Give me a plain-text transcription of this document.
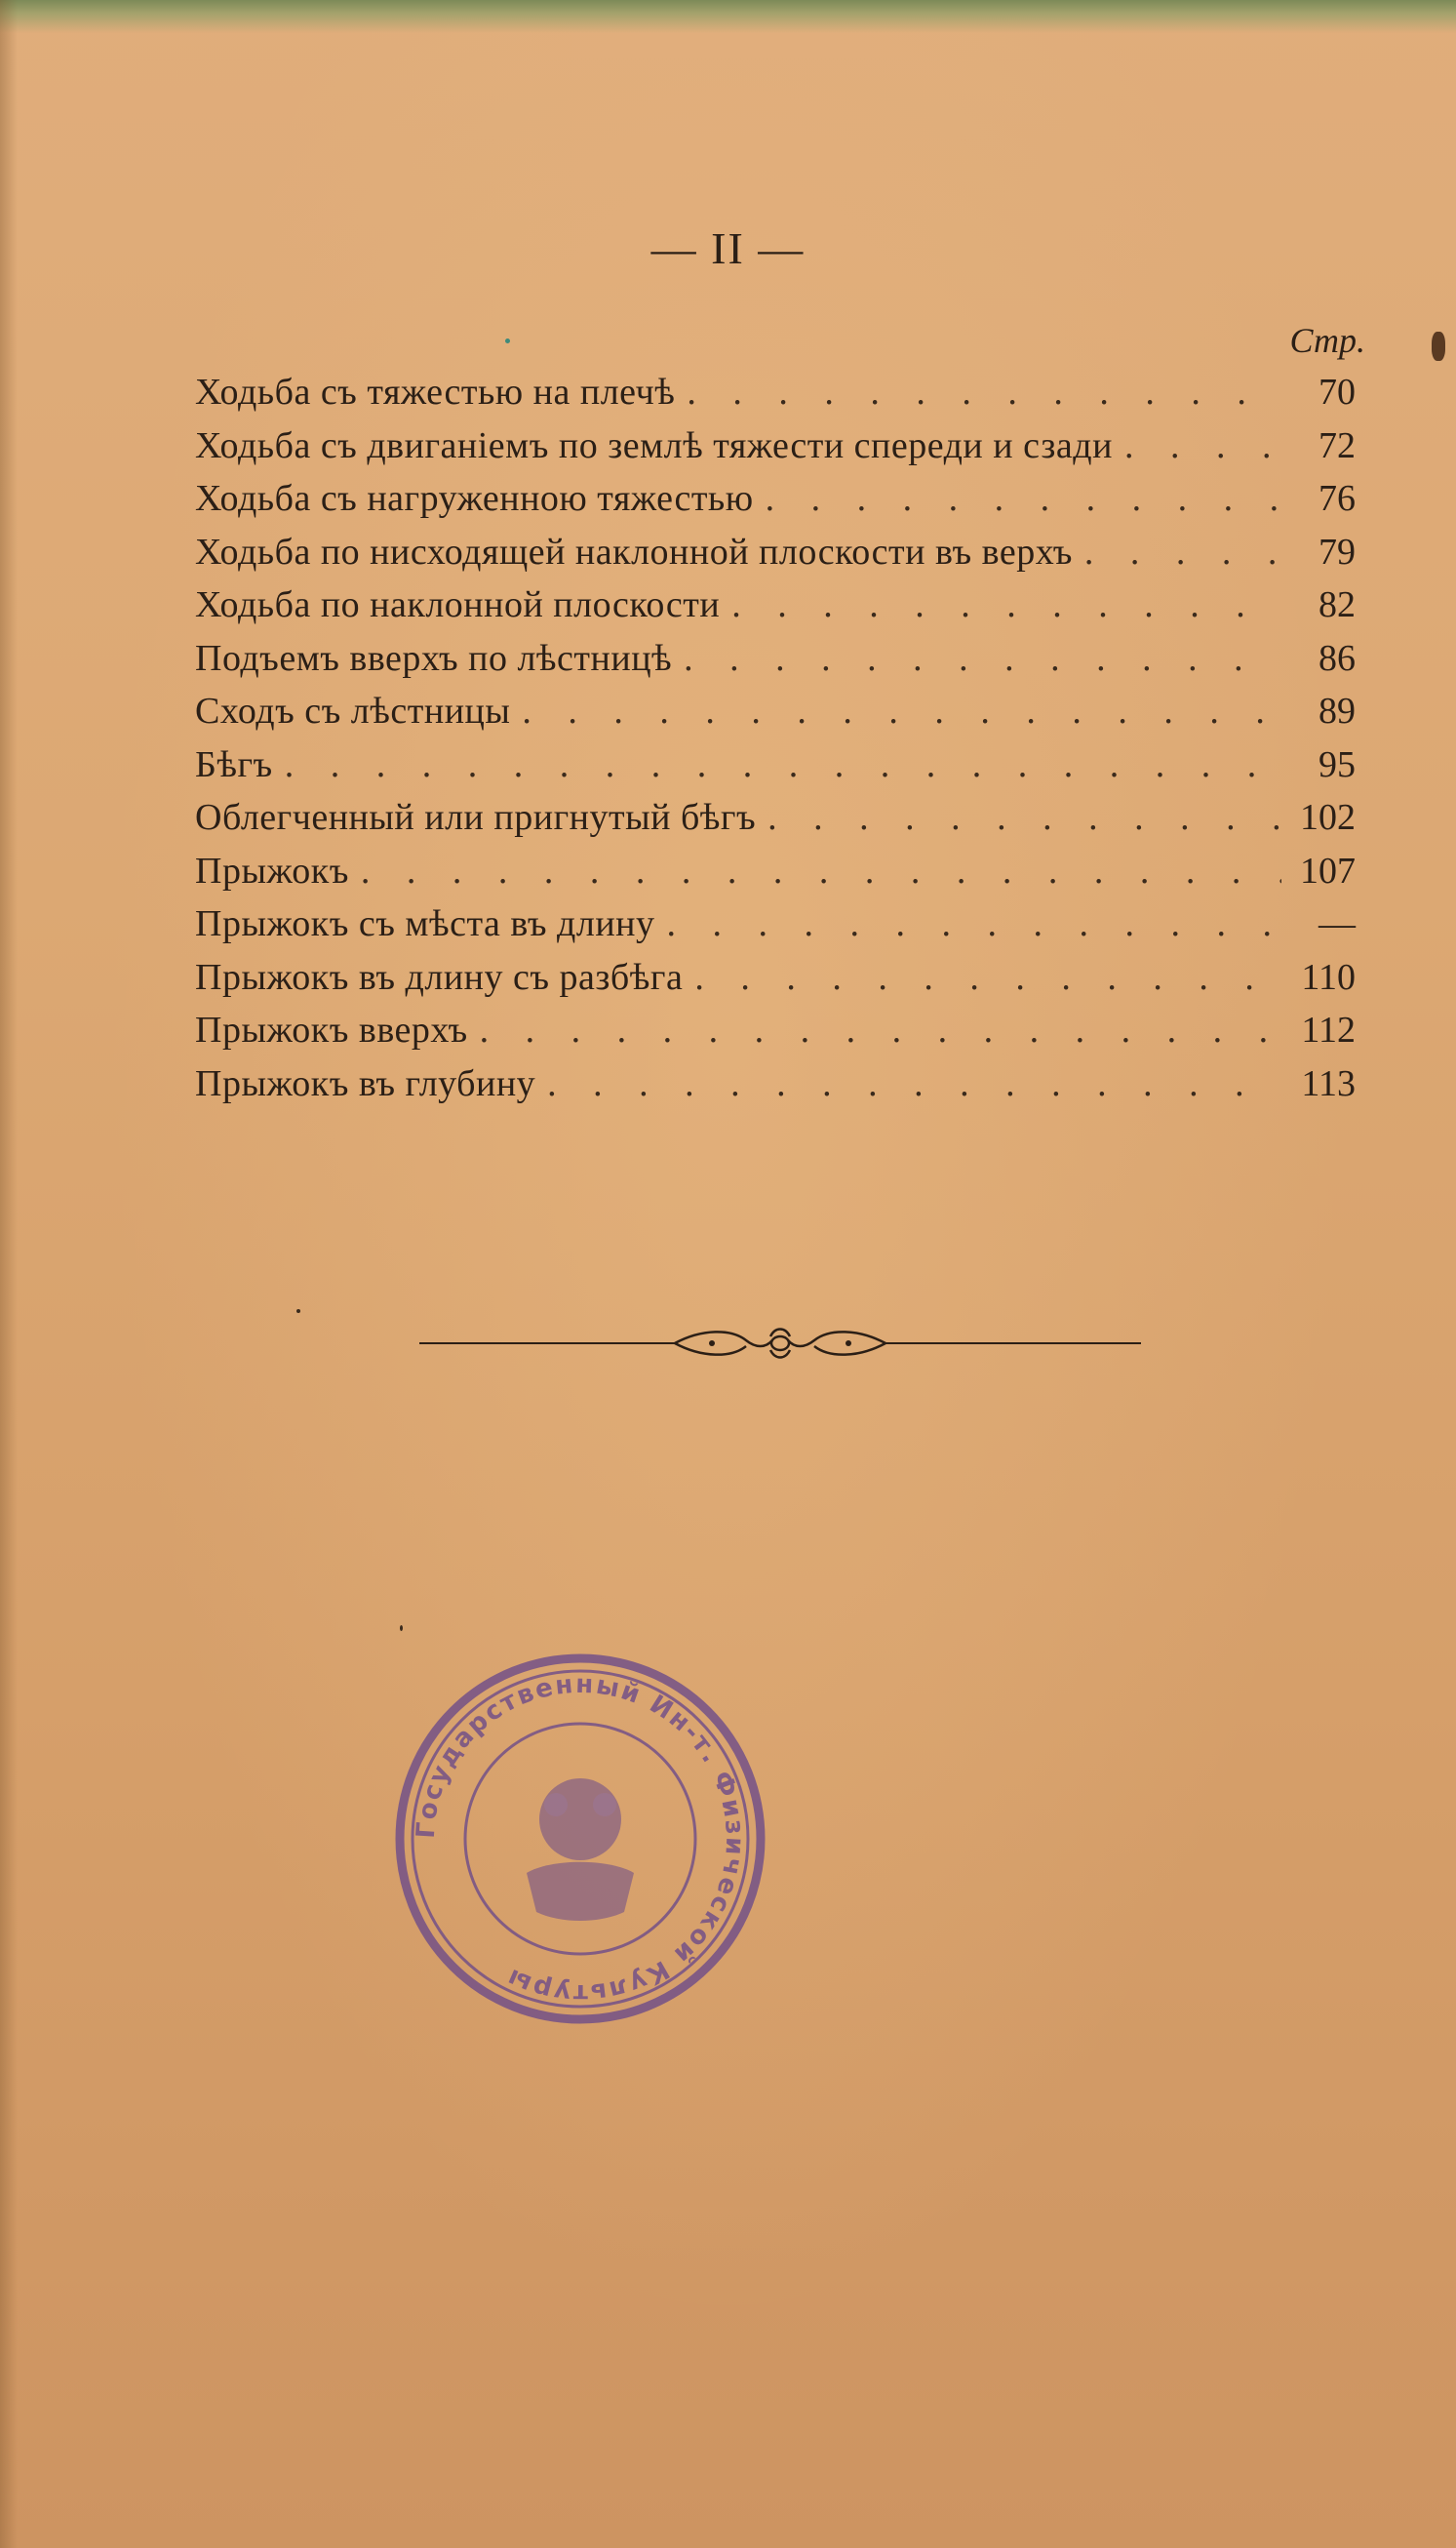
— II —
Стр.
Ходьба съ тяжестью на плечѣ . . .	70
Ходьба съ двиганіемъ по землѣ тяжести спереди и сзади . . .	72
Ходьба съ нагруженною тяжестью . . .	76
Ходьба по нисходящей наклонной плоскости въ верхъ . . .	79
Ходьба по наклонной плоскости . . .	82
Подъемъ вверхъ по лѣстницѣ . . .	86
Сходъ съ лѣстницы . . .	89
Бѣгъ . . .	95
Облегченный или пригнутый бѣгъ . . .	102
Прыжокъ . . .	107
Прыжокъ съ мѣста въ длину . . .	—
Прыжокъ въ длину съ разбѣга . . .	110
Прыжокъ вверхъ . . .	112
Прыжокъ въ глубину . . .	113
Государственный Ин-т. Физической Культуры
